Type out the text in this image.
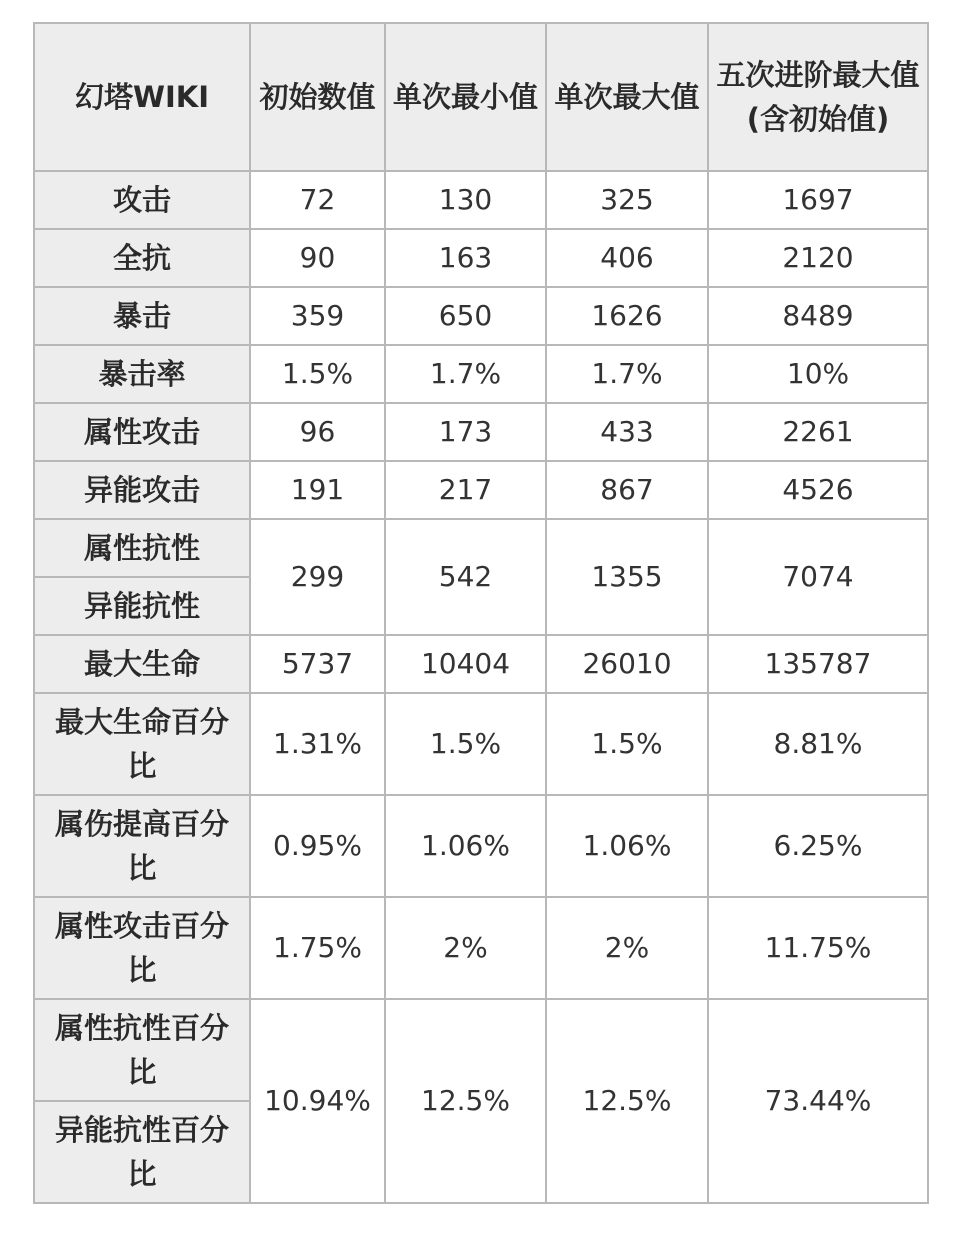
幻塔WIKI	初始数值	单次最小值	单次最大值	五次进阶最大值(含初始值)
攻击	72	130	325	1697
全抗	90	163	406	2120
暴击	359	650	1626	8489
暴击率	1.5%	1.7%	1.7%	10%
属性攻击	96	173	433	2261
异能攻击	191	217	867	4526
属性抗性	299	542	1355	7074
异能抗性				
最大生命	5737	10404	26010	135787
最大生命百分比	1.31%	1.5%	1.5%	8.81%
属伤提高百分比	0.95%	1.06%	1.06%	6.25%
属性攻击百分比	1.75%	2%	2%	11.75%
属性抗性百分比	10.94%	12.5%	12.5%	73.44%
异能抗性百分比				
